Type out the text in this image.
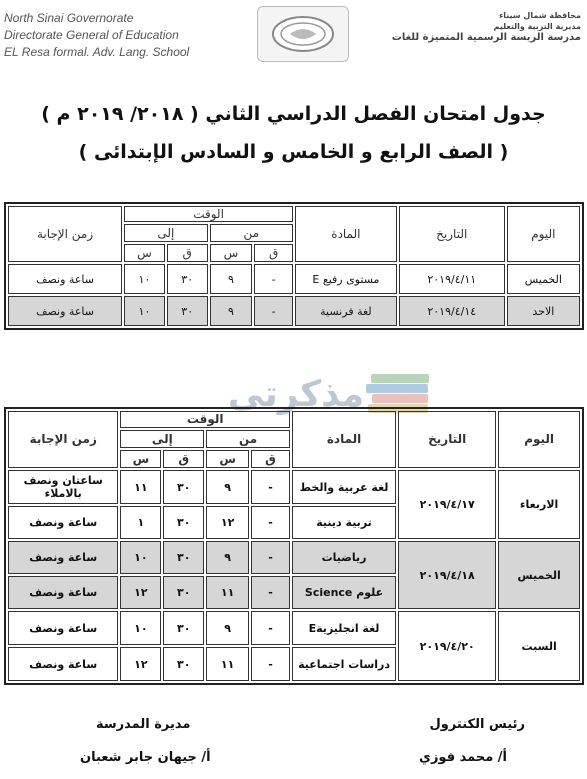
North Sinai Governorate
Directorate General of Education
EL Resa formal. Adv. Lang. School
محافظة شمال سيناء
مديرية التربية والتعليم
مدرسة الريسة الرسمية المتميزة للغات
جدول امتحان الفصل الدراسي الثاني ( ٢٠١٨/ ٢٠١٩ م )
( الصف الرابع و الخامس و السادس الإبتدائى )
اليوم	التاريخ	المادة	الوقت				زمن الإجابة
			من		إلى		
			ق	س	ق	س	
الخميس	٢٠١٩/٤/١١	مستوى رفيع E	-	٩	٣٠	١٠	ساعة ونصف
الاحد	٢٠١٩/٤/١٤	لغة فرنسية	-	٩	٣٠	١٠	ساعة ونصف
مذكرتى
اليوم	التاريخ	المادة	الوقت				زمن الإجابة
			من		إلى		
			ق	س	ق	س	
الاربعاء	٢٠١٩/٤/١٧	لغة عربية والخط	-	٩	٣٠	١١	ساعتان ونصف بالاملاء
		تربية دينية	-	١٢	٣٠	١	ساعة ونصف
الخميس	٢٠١٩/٤/١٨	رياضيات	-	٩	٣٠	١٠	ساعة ونصف
		علوم Science	-	١١	٣٠	١٢	ساعة ونصف
السبت	٢٠١٩/٤/٢٠	لغة انجليزيةE	-	٩	٣٠	١٠	ساعة ونصف
		دراسات اجتماعية	-	١١	٣٠	١٢	ساعة ونصف
رئيس الكنترول
أ/ محمد فوزي
مديرة المدرسة
أ/ جيهان جابر شعبان
